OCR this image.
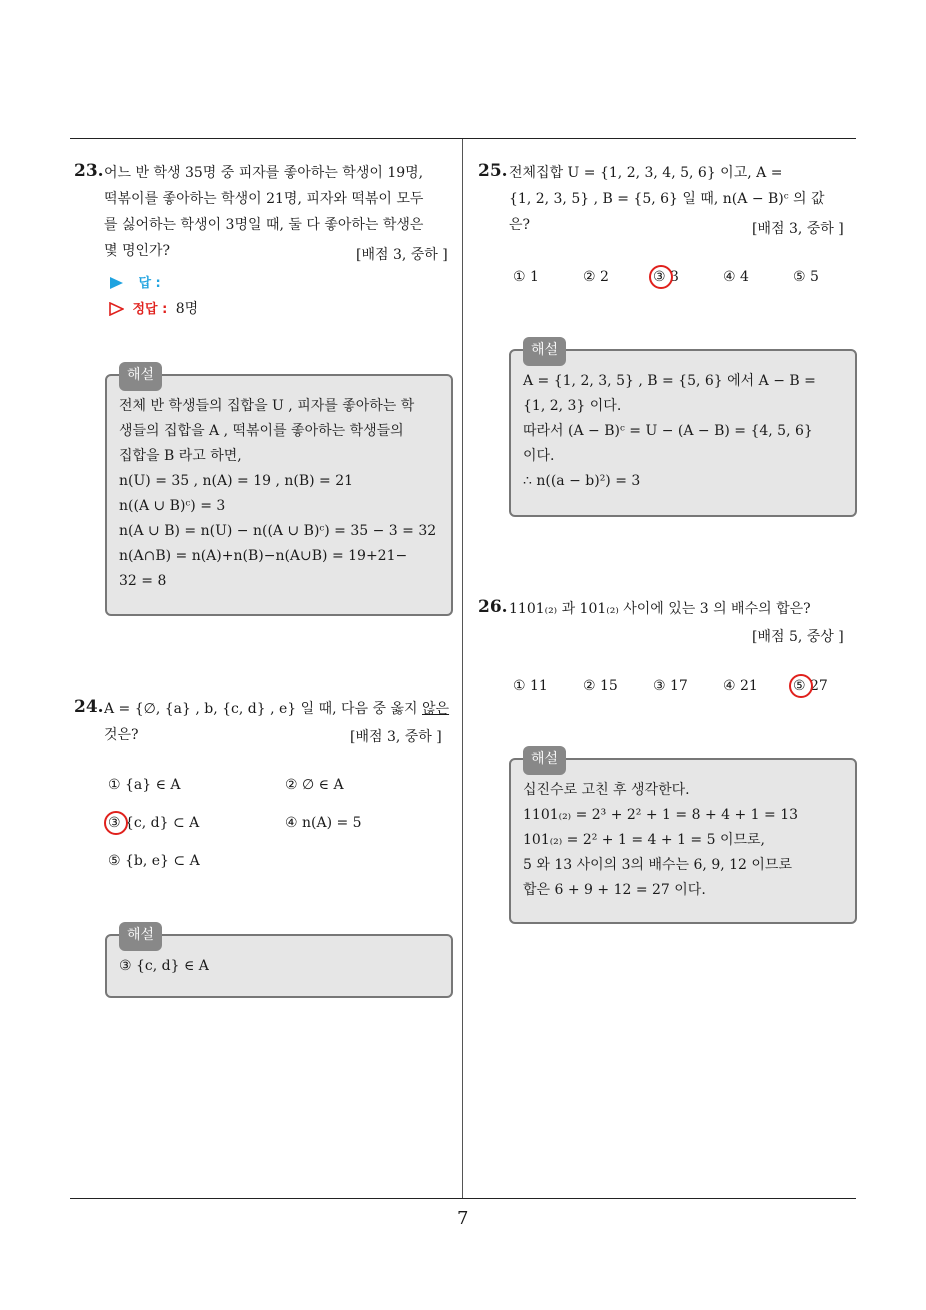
23. 어느 반 학생 35명 중 피자를 좋아하는 학생이 19명,
떡볶이를 좋아하는 학생이 21명, 피자와 떡볶이 모두
를 싫어하는 학생이 3명일 때, 둘 다 좋아하는 학생은
몇 명인가?	[배점 3, 중하 ]
답 :
정답 : 8명
해설
전체 반 학생들의 집합을 U , 피자를 좋아하는 학
생들의 집합을 A , 떡볶이를 좋아하는 학생들의
집합을 B 라고 하면,
n(U) = 35 , n(A) = 19 , n(B) = 21
n((A ∪ B)ᶜ) = 3
n(A ∪ B) = n(U) − n((A ∪ B)ᶜ) = 35 − 3 = 32
n(A∩B) = n(A)+n(B)−n(A∪B) = 19+21−
32 = 8
24. A = {∅, {a} , b, {c, d} , e} 일 때, 다음 중 옳지 않은
것은?	[배점 3, 중하 ]
① {a} ∈ A	② ∅ ∈ A
③ {c, d} ⊂ A	④ n(A) = 5
⑤ {b, e} ⊂ A
해설
③ {c, d} ∈ A
25. 전체집합 U = {1, 2, 3, 4, 5, 6} 이고, A =
{1, 2, 3, 5} , B = {5, 6} 일 때, n(A − B)ᶜ 의 값
은?	[배점 3, 중하 ]
① 1	② 2	③ 3	④ 4	⑤ 5
해설
A = {1, 2, 3, 5} , B = {5, 6} 에서 A − B =
{1, 2, 3} 이다.
따라서 (A − B)ᶜ = U − (A − B) = {4, 5, 6}
이다.
∴ n((a − b)²) = 3
26. 1101₍₂₎ 과 101₍₂₎ 사이에 있는 3 의 배수의 합은?
[배점 5, 중상 ]
① 11	② 15	③ 17	④ 21	⑤ 27
해설
십진수로 고친 후 생각한다.
1101₍₂₎ = 2³ + 2² + 1 = 8 + 4 + 1 = 13
101₍₂₎ = 2² + 1 = 4 + 1 = 5 이므로,
5 와 13 사이의 3의 배수는 6, 9, 12 이므로
합은 6 + 9 + 12 = 27 이다.
7
